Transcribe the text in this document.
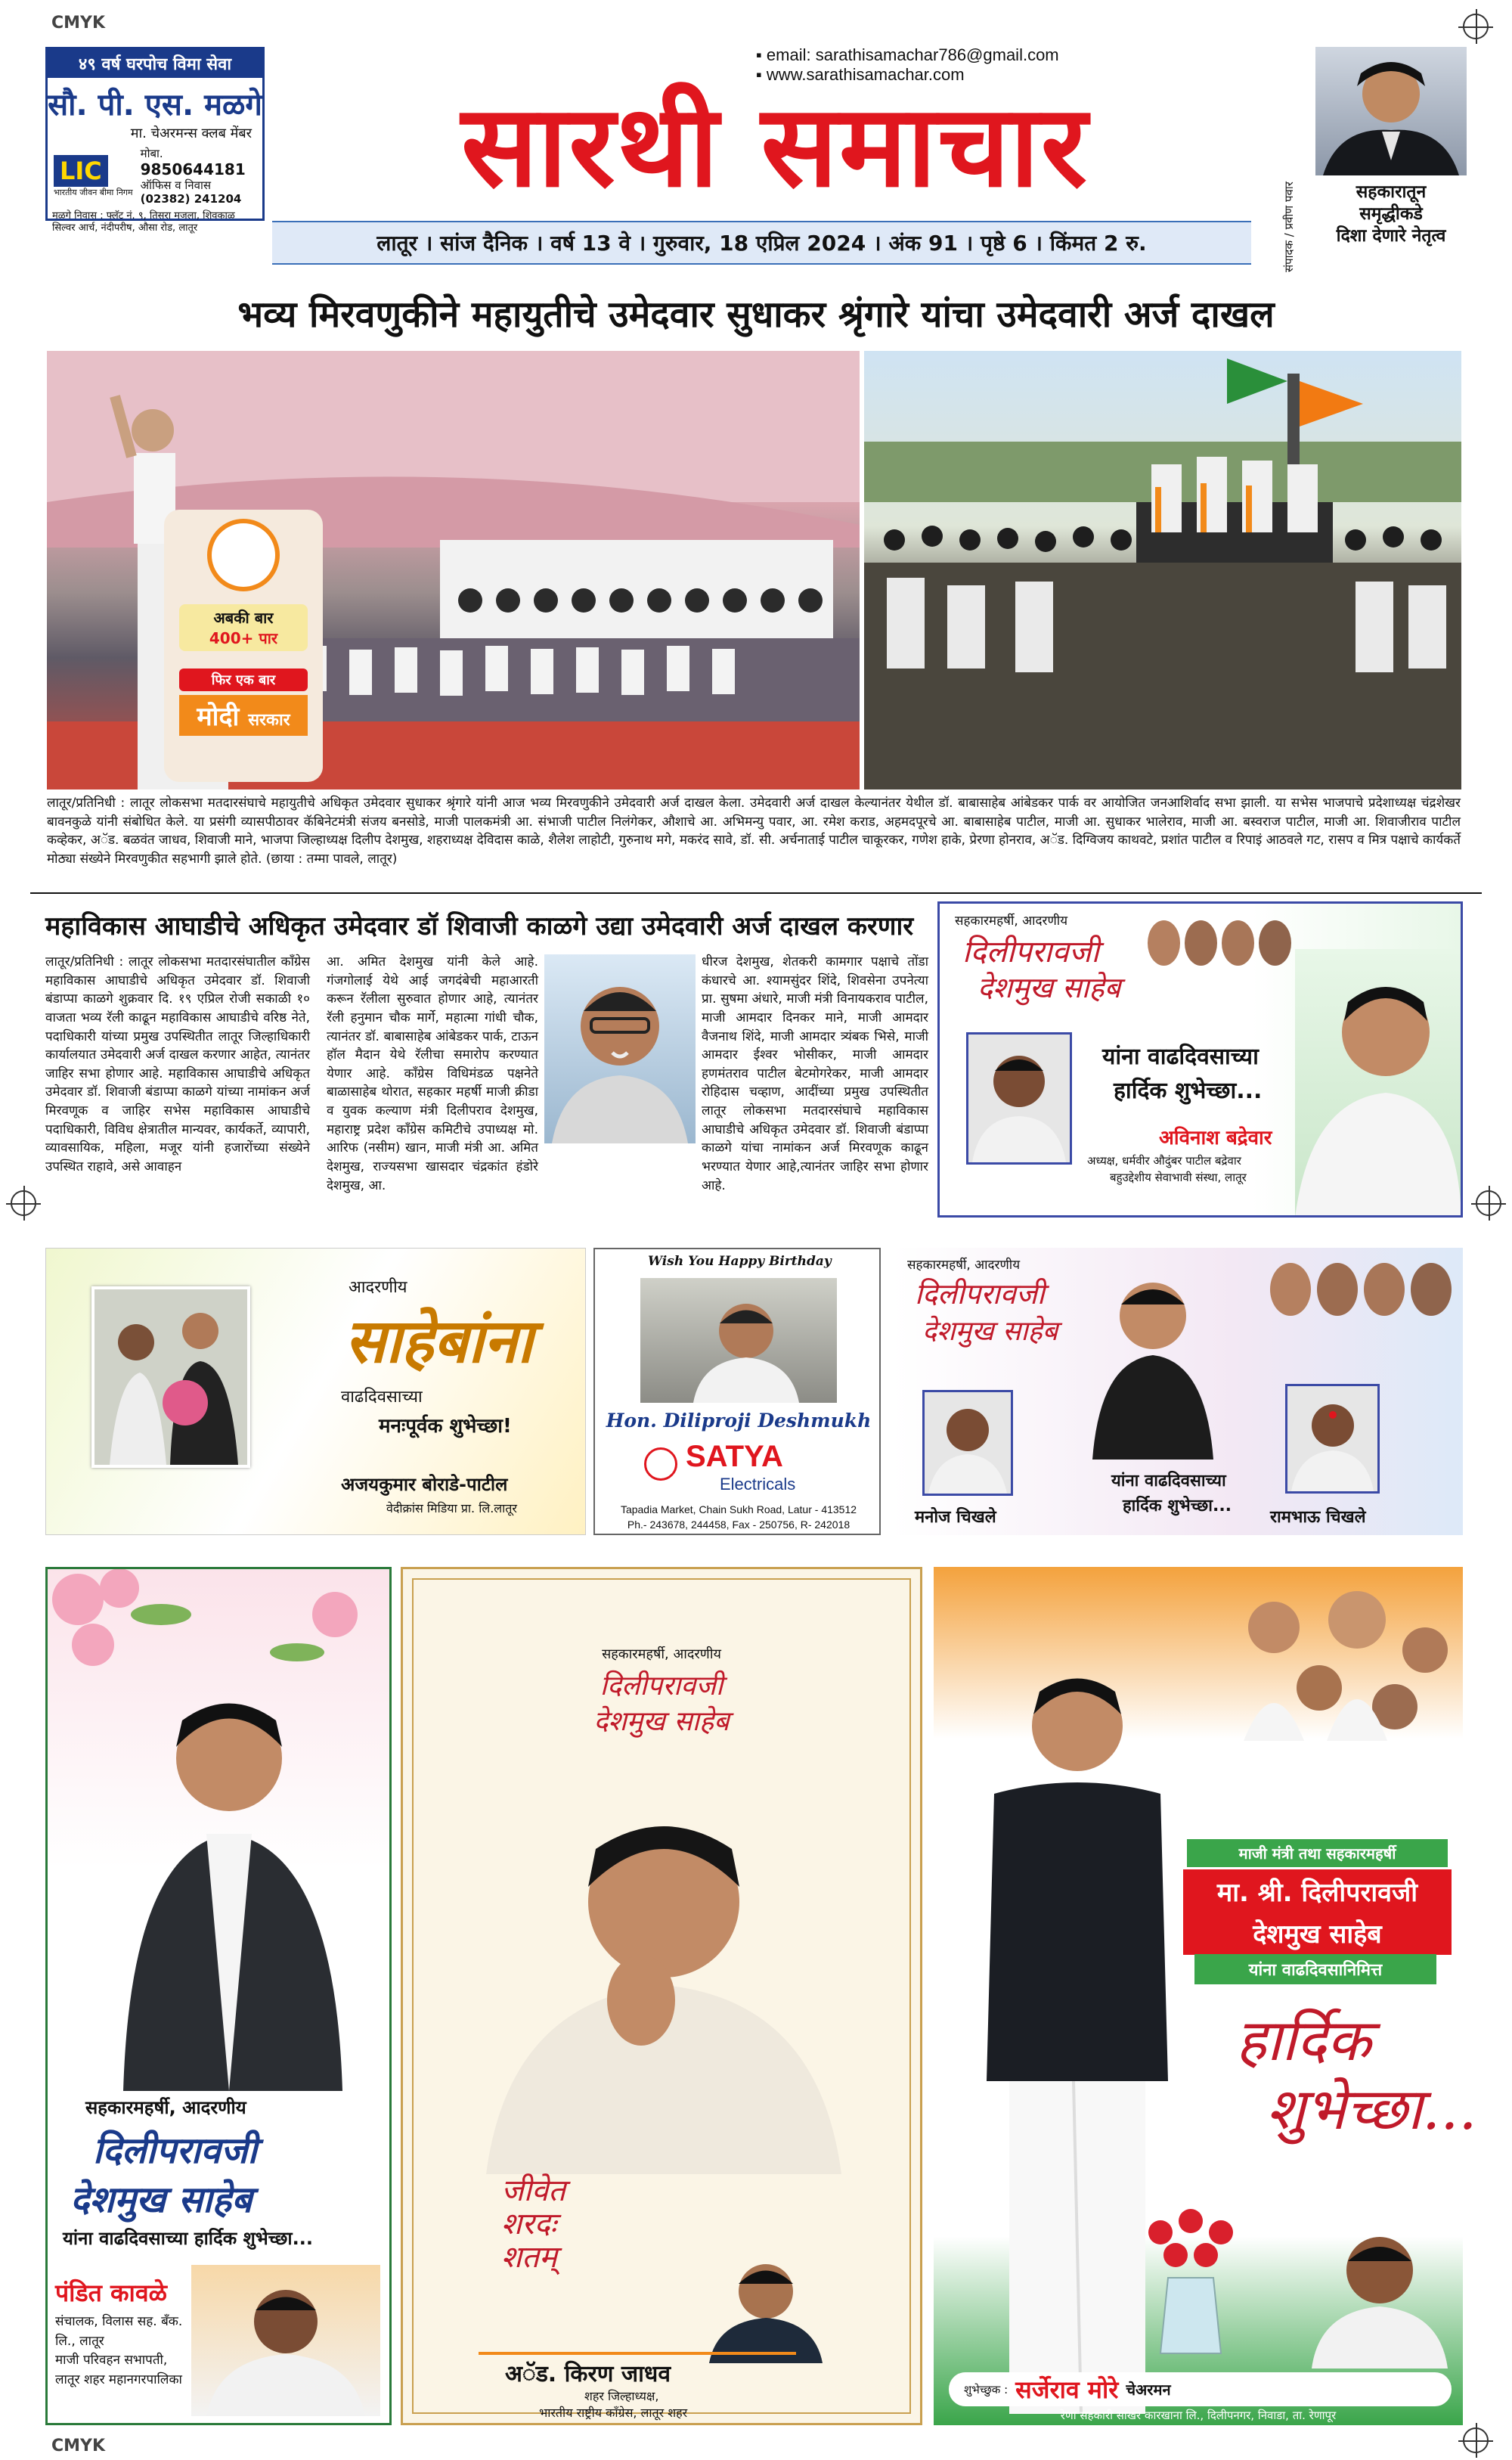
CMYK
CMYK
४९ वर्ष घरपोच विमा सेवा
सौ. पी. एस. मळगे
मा. चेअरमन्स क्लब मेंबर
LIC
भारतीय जीवन बीमा निगम
मोबा.
9850644181
ऑफिस व निवास
(02382) 241204
मळगे निवास : फ्लॅट नं. ९, तिसरा मजला, शिवकाळ सिल्वर आर्च, नंदीपरीष, औसा रोड, लातूर
▪ email: sarathisamachar786@gmail.com
▪ www.sarathisamachar.com
सारथी समाचार
लातूर । सांज दैनिक । वर्ष 13 वे । गुरुवार, 18 एप्रिल 2024 । अंक 91 । पृष्ठे 6 । किंमत 2 रु.	संपादक / प्रवीण पवार	सहकारातून
समृद्धीकडे
दिशा देणारे नेतृत्व
भव्य मिरवणुकीने महायुतीचे उमेदवार सुधाकर श्रृंगारे यांचा उमेदवारी अर्ज दाखल
अबकी बार
400+ पार
फिर एक बार
मोदी सरकार
लातूर/प्रतिनिधी : लातूर लोकसभा मतदारसंघाचे महायुतीचे अधिकृत उमेदवार सुधाकर श्रृंगारे यांनी आज भव्य मिरवणुकीने उमेदवारी अर्ज दाखल केला. उमेदवारी अर्ज दाखल केल्यानंतर येथील डॉ. बाबासाहेब आंबेडकर पार्क वर आयोजित जनआशिर्वाद सभा झाली. या सभेस भाजपाचे प्रदेशाध्यक्ष चंद्रशेखर बावनकुळे यांनी संबोधित केले. या प्रसंगी व्यासपीठावर कॅबिनेटमंत्री संजय बनसोडे, माजी पालकमंत्री आ. संभाजी पाटील निलंगेकर, औशाचे आ. अभिमन्यु पवार, आ. रमेश कराड, अहमदपूरचे आ. बाबासाहेब पाटील, माजी आ. सुधाकर भालेराव, माजी आ. बस्वराज पाटील, माजी आ. शिवाजीराव पाटील कव्हेकर, अॅड. बळवंत जाधव, शिवाजी माने, भाजपा जिल्हाध्यक्ष दिलीप देशमुख, शहराध्यक्ष देविदास काळे, शैलेश लाहोटी, गुरुनाथ मगे, मकरंद सावे, डॉ. सी. अर्चनाताई पाटील चाकूरकर, गणेश हाके, प्रेरणा होनराव, अॅड. दिग्विजय काथवटे, प्रशांत पाटील व रिपाइं आठवले गट, रासप व मित्र पक्षाचे कार्यकर्ते मोठ्या संख्येने मिरवणुकीत सहभागी झाले होते. (छाया : तम्मा पावले, लातूर)
महाविकास आघाडीचे अधिकृत उमेदवार डॉ शिवाजी काळगे उद्या उमेदवारी अर्ज दाखल करणार
लातूर/प्रतिनिधी : लातूर लोकसभा मतदारसंघातील काँग्रेस महाविकास आघाडीचे अधिकृत उमेदवार डॉ. शिवाजी बंडाप्पा काळगे शुक्रवार दि. १९ एप्रिल रोजी सकाळी १० वाजता भव्य रॅली काढून महाविकास आघाडीचे वरिष्ठ नेते, पदाधिकारी यांच्या प्रमुख उपस्थितीत लातूर जिल्हाधिकारी कार्यालयात उमेदवारी अर्ज दाखल करणार आहेत, त्यानंतर जाहिर सभा होणार आहे. महाविकास आघाडीचे अधिकृत उमेदवार डॉ. शिवाजी बंडाप्पा काळगे यांच्या नामांकन अर्ज मिरवणूक व जाहिर सभेस महाविकास आघाडीचे पदाधिकारी, विविध क्षेत्रातील मान्यवर, कार्यकर्ते, व्यापारी, व्यावसायिक, महिला, मजूर यांनी हजारोंच्या संख्येने उपस्थित राहावे, असे आवाहन
आ. अमित देशमुख यांनी केले आहे. गंजगोलाई येथे आई जगदंबेची महाआरती करून रॅलीला सुरुवात होणार आहे, त्यानंतर रॅली हनुमान चौक मार्गे, महात्मा गांधी चौक, त्यानंतर डॉ. बाबासाहेब आंबेडकर पार्क, टाऊन हॉल मैदान येथे रॅलीचा समारोप करण्यात येणार आहे. काँग्रेस विधिमंडळ पक्षनेते बाळासाहेब थोरात, सहकार महर्षी माजी क्रीडा व युवक कल्याण मंत्री दिलीपराव देशमुख, महाराष्ट्र प्रदेश काँग्रेस कमिटीचे उपाध्यक्ष मो. आरिफ (नसीम) खान, माजी मंत्री आ. अमित देशमुख, राज्यसभा खासदार चंद्रकांत हंडोरे देशमुख, आ.
धीरज देशमुख, शेतकरी कामगार पक्षाचे तोंडा कंधारचे आ. श्यामसुंदर शिंदे, शिवसेना उपनेत्या प्रा. सुषमा अंधारे, माजी मंत्री विनायकराव पाटील, माजी आमदार दिनकर माने, माजी आमदार वैजनाथ शिंदे, माजी आमदार त्र्यंबक भिसे, माजी आमदार ईश्वर भोसीकर, माजी आमदार हणमंतराव पाटील बेटमोगरेकर, माजी आमदार रोहिदास चव्हाण, आदींच्या प्रमुख उपस्थितीत लातूर लोकसभा मतदारसंघाचे महाविकास आघाडीचे अधिकृत उमेदवार डॉ. शिवाजी बंडाप्पा काळगे यांचा नामांकन अर्ज मिरवणूक काढून भरण्यात येणार आहे,त्यानंतर जाहिर सभा होणार आहे.
सहकारमहर्षी, आदरणीय
दिलीपरावजी
देशमुख साहेब
यांना वाढदिवसाच्या
हार्दिक शुभेच्छा...
अविनाश बद्रेवार
अध्यक्ष, धर्मवीर औदुंबर पाटील बद्रेवार
बहुउद्देशीय सेवाभावी संस्था, लातूर
आदरणीय
साहेबांना
वाढदिवसाच्या
मनःपूर्वक शुभेच्छा!
अजयकुमार बोराडे-पाटील
वेदीक्रांस मिडिया प्रा. लि.लातूर
Wish You Happy Birthday
Hon. Diliproji Deshmukh
SATYA
Electricals
Tapadia Market, Chain Sukh Road, Latur - 413512
Ph.- 243678, 244458, Fax - 250756, R- 242018
सहकारमहर्षी, आदरणीय
दिलीपरावजी
देशमुख साहेब
मनोज चिखले	रामभाऊ चिखले
यांना वाढदिवसाच्या
हार्दिक शुभेच्छा...
सहकारमहर्षी, आदरणीय
दिलीपरावजी
देशमुख साहेब
यांना वाढदिवसाच्या हार्दिक शुभेच्छा...
पंडित कावळे
संचालक, विलास सह. बँक.
लि., लातूर
माजी परिवहन सभापती,
लातूर शहर महानगरपालिका
सहकारमहर्षी, आदरणीय
दिलीपरावजी
देशमुख साहेब
जीवेत
शरदः
शतम्
अॅड. किरण जाधव
शहर जिल्हाध्यक्ष,
भारतीय राष्ट्रीय काँग्रेस, लातूर शहर
माजी मंत्री तथा सहकारमहर्षी
मा. श्री. दिलीपरावजी
देशमुख साहेब
यांना वाढदिवसानिमित्त
हार्दिक
शुभेच्छा...
शुभेच्छुक : सर्जेराव मोरे चेअरमन
रेणा सहकारी साखर कारखाना लि., दिलीपनगर, निवाडा, ता. रेणापूर
